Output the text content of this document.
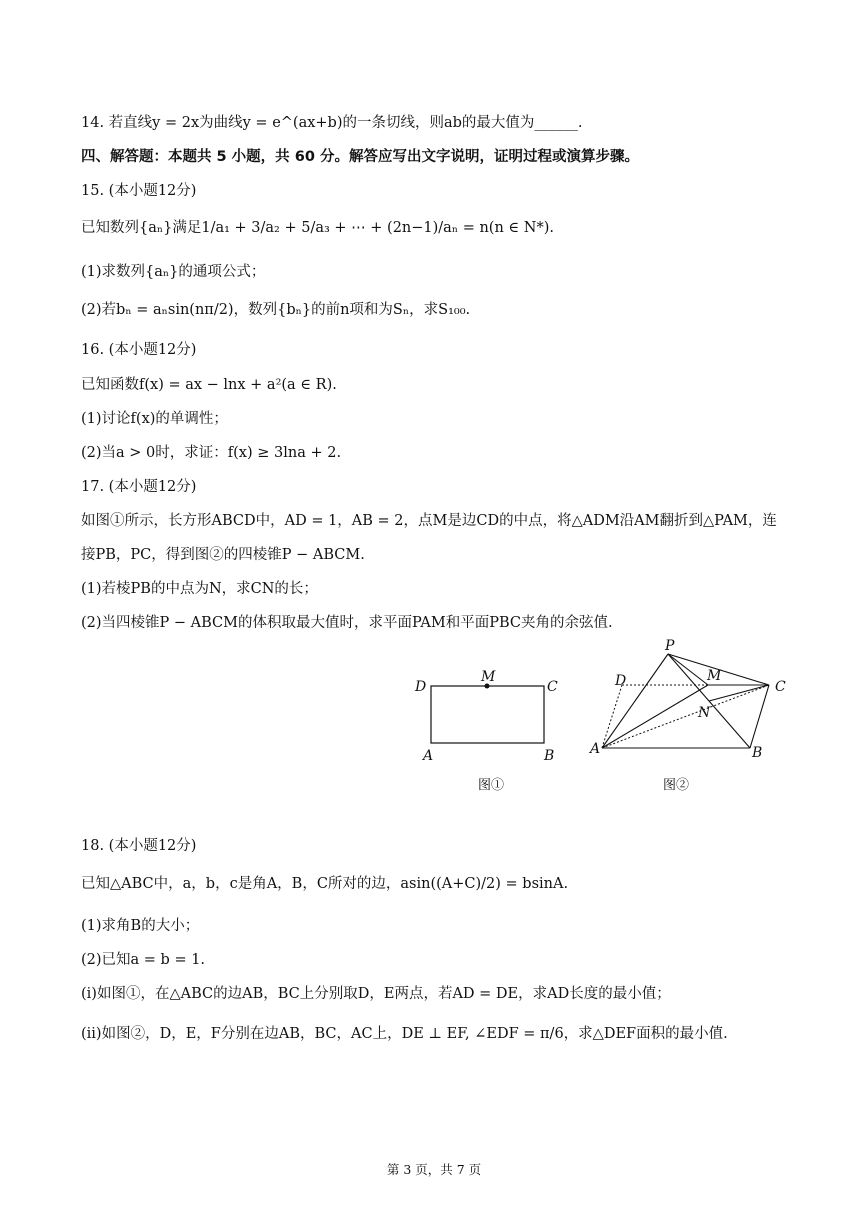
14. 若直线y = 2x为曲线y = e^(ax+b)的一条切线，则ab的最大值为______.
四、解答题：本题共 5 小题，共 60 分。解答应写出文字说明，证明过程或演算步骤。
15. (本小题12分)
已知数列{aₙ}满足1/a₁ + 3/a₂ + 5/a₃ + ⋯ + (2n−1)/aₙ = n(n ∈ N*).
(1)求数列{aₙ}的通项公式；
(2)若bₙ = aₙsin(nπ/2)，数列{bₙ}的前n项和为Sₙ，求S₁₀₀.
16. (本小题12分)
已知函数f(x) = ax − lnx + a²(a ∈ R).
(1)讨论f(x)的单调性；
(2)当a > 0时，求证：f(x) ≥ 3lna + 2.
17. (本小题12分)
如图①所示，长方形ABCD中，AD = 1，AB = 2，点M是边CD的中点，将△ADM沿AM翻折到△PAM，连
接PB，PC，得到图②的四棱锥P − ABCM.
(1)若棱PB的中点为N，求CN的长；
(2)当四棱锥P − ABCM的体积取最大值时，求平面PAM和平面PBC夹角的余弦值.
D
M
C
A	B
图①
P
D	M
C
N
A	B
图②
18. (本小题12分)
已知△ABC中，a，b，c是角A，B，C所对的边，asin((A+C)/2) = bsinA.
(1)求角B的大小；
(2)已知a = b = 1.
(i)如图①，在△ABC的边AB，BC上分别取D，E两点，若AD = DE，求AD长度的最小值；
(ii)如图②，D，E，F分别在边AB，BC，AC上，DE ⊥ EF, ∠EDF = π/6，求△DEF面积的最小值.
第 3 页，共 7 页
